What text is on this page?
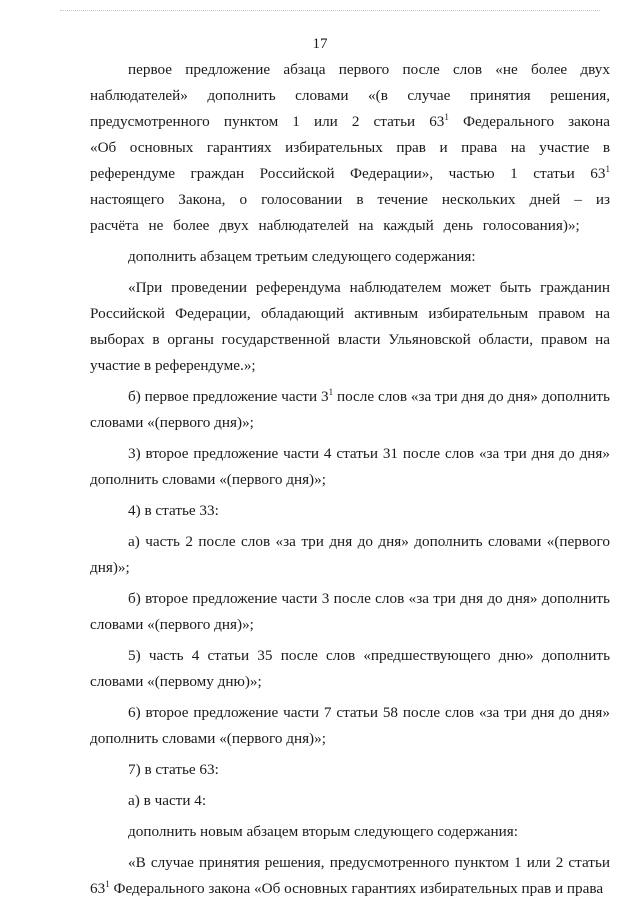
17

первое предложение абзаца первого после слов «не более двух наблюдателей» дополнить словами «(в случае принятия решения, предусмотренного пунктом 1 или 2 статьи $63^1$ Федерального закона «Об основных гарантиях избирательных прав и права на участие в референдуме граждан Российской Федерации», частью 1 статьи $63^1$ настоящего Закона, о голосовании в течение нескольких дней – из расчёта не более двух наблюдателей на каждый день голосования)»;

дополнить абзацем третьим следующего содержания:

«При проведении референдума наблюдателем может быть гражданин Российской Федерации, обладающий активным избирательным правом на выборах в органы государственной власти Ульяновской области, правом на участие в референдуме.»;

б) первое предложение части $3^1$ после слов «за три дня до дня» дополнить словами «(первого дня)»;

3) второе предложение части 4 статьи 31 после слов «за три дня до дня» дополнить словами «(первого дня)»;

4) в статье 33:

а) часть 2 после слов «за три дня до дня» дополнить словами «(первого дня)»;

б) второе предложение части 3 после слов «за три дня до дня» дополнить словами «(первого дня)»;

5) часть 4 статьи 35 после слов «предшествующего дню» дополнить словами «(первому дню)»;

6) второе предложение части 7 статьи 58 после слов «за три дня до дня» дополнить словами «(первого дня)»;

7) в статье 63:

а) в части 4:

дополнить новым абзацем вторым следующего содержания:

«В случае принятия решения, предусмотренного пунктом 1 или 2 статьи $63^1$ Федерального закона «Об основных гарантиях избирательных прав и права
